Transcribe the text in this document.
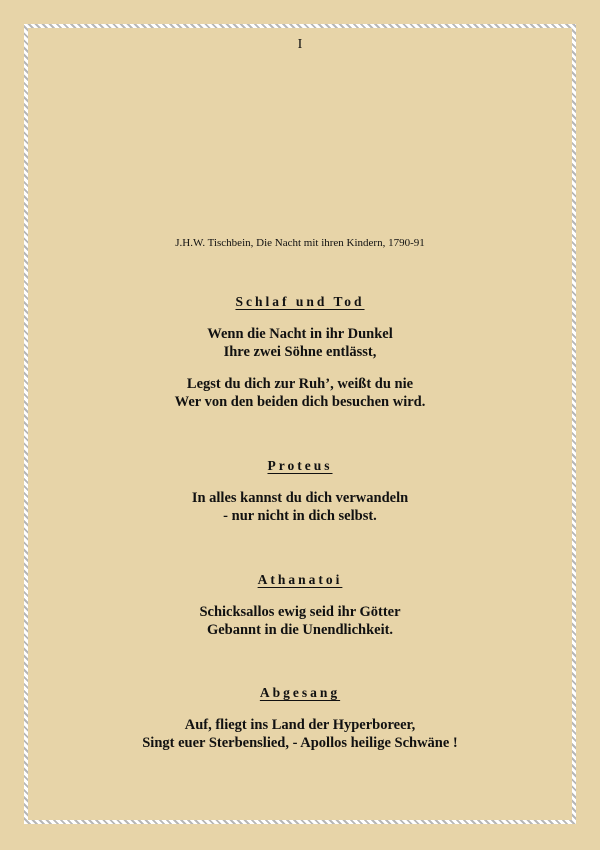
I
J.H.W. Tischbein, Die Nacht mit ihren Kindern, 1790-91
Schlaf und Tod
Wenn die Nacht in ihr Dunkel
Ihre zwei Söhne entlässt,
Legst du dich zur Ruh’, weißt du nie
Wer von den beiden dich besuchen wird.
Proteus
In alles kannst du dich verwandeln
- nur nicht in dich selbst.
Athanatoi
Schicksallos ewig seid ihr Götter
Gebannt in die Unendlichkeit.
Abgesang
Auf, fliegt ins Land der Hyperboreer,
Singt euer Sterbenslied, - Apollos heilige Schwäne !
